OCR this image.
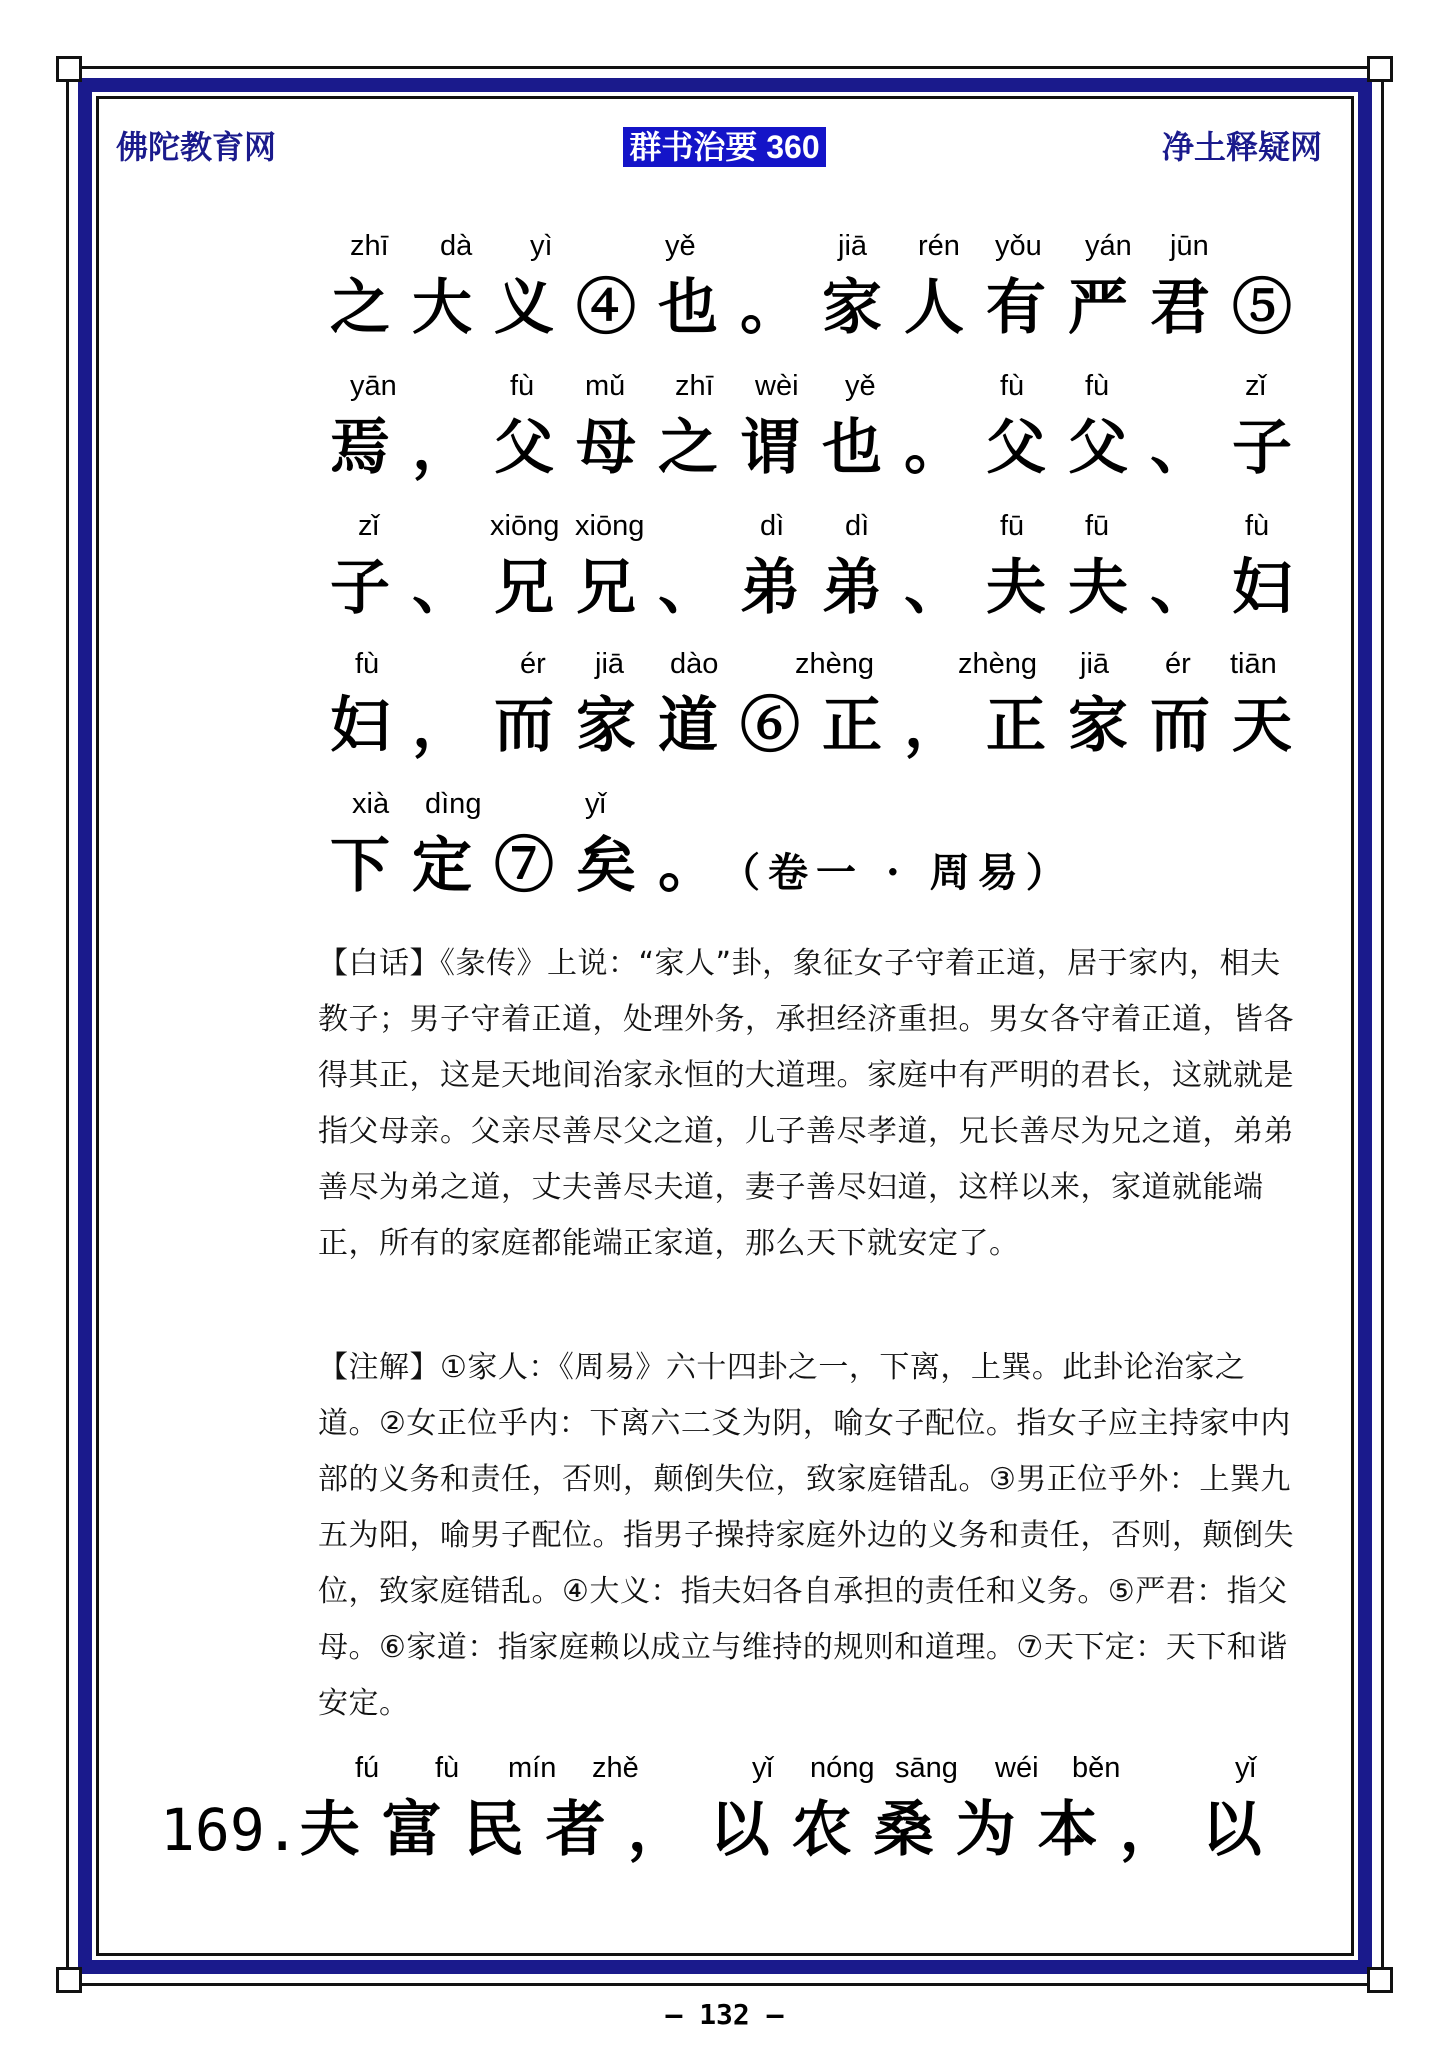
佛陀教育网	群书治要 360	净土释疑网
zhī dà yì	yě	jiā rén yǒu yán jūn
之大义④也。家人有严君⑤
yān	fù mǔ zhī wèi yě	fù fù	zǐ
焉，父母之谓也。父父、子
zǐ	xiōng xiōng	dì dì	fū fū	fù
子、兄兄、弟弟、夫夫、妇
fù	ér jiā dào	zhèng	zhèng jiā ér tiān
妇，而家道⑥正，正家而天
xià dìng	yǐ
下定⑦矣。（卷一 · 周易）
【白话】《彖传》上说：“家人”卦，象征女子守着正道，居于家内，相夫教子；男子守着正道，处理外务，承担经济重担。男女各守着正道，皆各得其正，这是天地间治家永恒的大道理。家庭中有严明的君长，这就就是指父母亲。父亲尽善尽父之道，儿子善尽孝道，兄长善尽为兄之道，弟弟善尽为弟之道，丈夫善尽夫道，妻子善尽妇道，这样以来，家道就能端正，所有的家庭都能端正家道，那么天下就安定了。
【注解】①家人：《周易》六十四卦之一，下离，上巽。此卦论治家之道。②女正位乎内：下离六二爻为阴，喻女子配位。指女子应主持家中内部的义务和责任，否则，颠倒失位，致家庭错乱。③男正位乎外：上巽九五为阳，喻男子配位。指男子操持家庭外边的义务和责任，否则，颠倒失位，致家庭错乱。④大义：指夫妇各自承担的责任和义务。⑤严君：指父母。⑥家道：指家庭赖以成立与维持的规则和道理。⑦天下定：天下和谐安定。
fú fù mín zhě	yǐ nóng sāng wéi běn	yǐ
169.夫富民者，以农桑为本，以
– 132 –
